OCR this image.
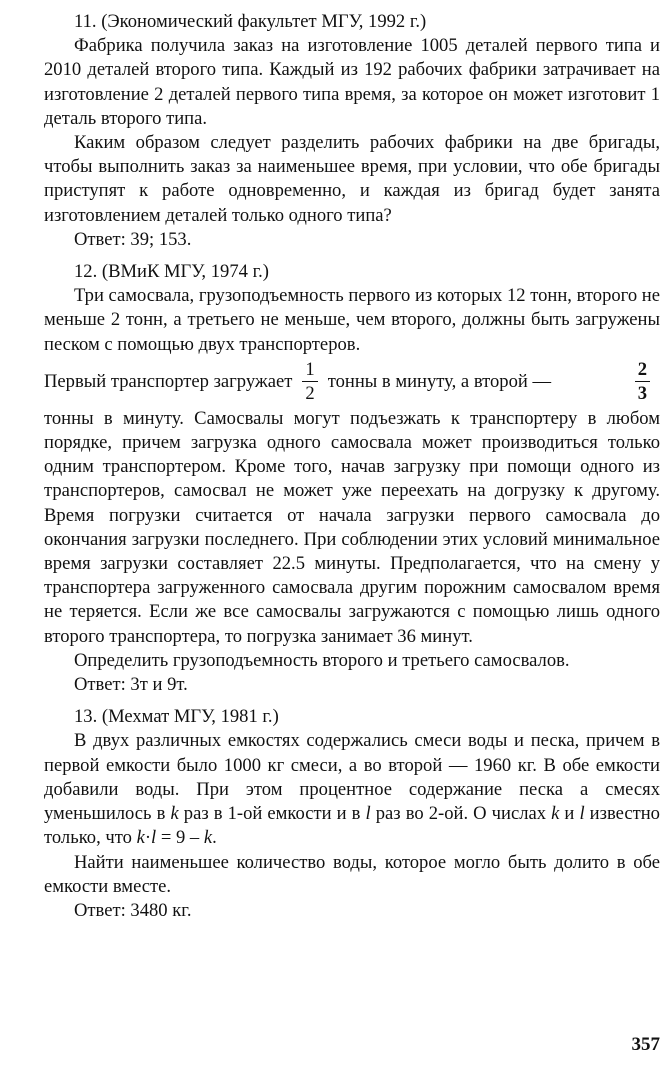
11. (Экономический факультет МГУ, 1992 г.)

Фабрика получила заказ на изготовление 1005 деталей первого типа и 2010 деталей второго типа. Каждый из 192 рабочих фабрики затрачивает на изготовление 2 деталей первого типа время, за которое он может изготовит 1 деталь второго типа.

Каким образом следует разделить рабочих фабрики на две бригады, чтобы выполнить заказ за наименьшее время, при условии, что обе бригады приступят к работе одновременно, и каждая из бригад будет занята изготовлением деталей только одного типа?

Ответ: 39; 153.

12. (ВМиК МГУ, 1974 г.)

Три самосвала, грузоподъемность первого из которых 12 тонн, второго не меньше 2 тонн, а третьего не меньше, чем второго, должны быть загружены песком с помощью двух транспортеров.

Первый транспортер загружает $\frac{1}{2}$ тонны в минуту, а второй —	$\frac{2}{3}$

тонны в минуту. Самосвалы могут подъезжать к транспортеру в любом порядке, причем загрузка одного самосвала может производиться только одним транспортером. Кроме того, начав загрузку при помощи одного из транспортеров, самосвал не может уже переехать на догрузку к другому. Время погрузки считается от начала загрузки первого самосвала до окончания загрузки последнего. При соблюдении этих условий минимальное время загрузки составляет 22.5 минуты. Предполагается, что на смену у транспортера загруженного самосвала другим порожним самосвалом время не теряется. Если же все самосвалы загружаются с помощью лишь одного второго транспортера, то погрузка занимает 36 минут.

Определить грузоподъемность второго и третьего самосвалов.

Ответ: 3т и 9т.

13. (Мехмат МГУ, 1981 г.)

В двух различных емкостях содержались смеси воды и песка, причем в первой емкости было 1000 кг смеси, а во второй — 1960 кг. В обе емкости добавили воды. При этом процентное содержание песка а смесях уменьшилось в k раз в 1-ой емкости и в l раз во 2-ой. О числах k и l известно только, что k·l = 9 – k.

Найти наименьшее количество воды, которое могло быть долито в обе емкости вместе.

Ответ: 3480 кг.

357
